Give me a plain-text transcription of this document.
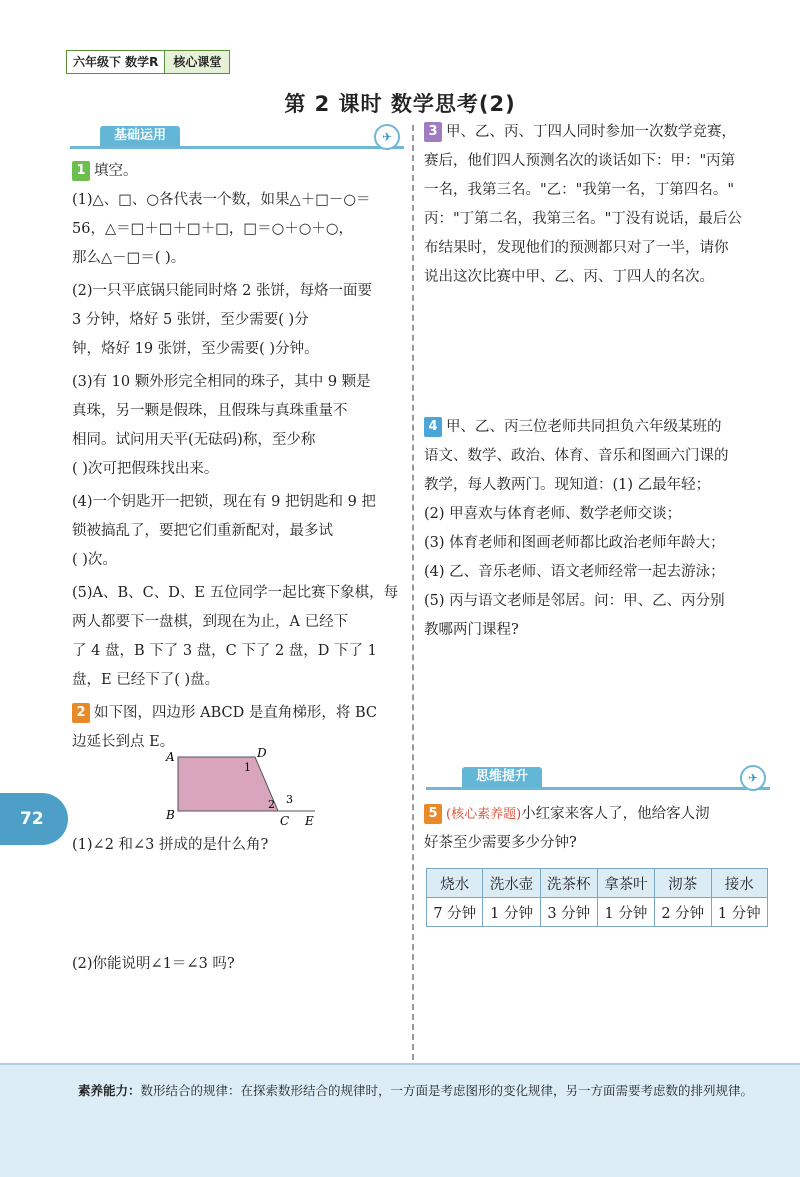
六年级下 数学R	核心课堂
第 2 课时 数学思考(2)
基础运用	✈
1 填空。
(1)△、□、○各代表一个数，如果△＋□－○＝
56，△＝□＋□＋□＋□，□＝○＋○＋○，
那么△－□＝( )。
(2)一只平底锅只能同时烙 2 张饼，每烙一面要
3 分钟，烙好 5 张饼，至少需要( )分
钟，烙好 19 张饼，至少需要( )分钟。
(3)有 10 颗外形完全相同的珠子，其中 9 颗是
真珠，另一颗是假珠，且假珠与真珠重量不
相同。试问用天平(无砝码)称，至少称
( )次可把假珠找出来。
(4)一个钥匙开一把锁，现在有 9 把钥匙和 9 把
锁被搞乱了，要把它们重新配对，最多试
( )次。
(5)A、B、C、D、E 五位同学一起比赛下象棋，每
两人都要下一盘棋，到现在为止，A 已经下
了 4 盘，B 下了 3 盘，C 下了 2 盘，D 下了 1
盘，E 已经下了( )盘。
2 如下图，四边形 ABCD 是直角梯形，将 BC
边延长到点 E。
A	D
B	C E
1
2 3
(1)∠2 和∠3 拼成的是什么角?
(2)你能说明∠1＝∠3 吗?
3 甲、乙、丙、丁四人同时参加一次数学竞赛，
赛后，他们四人预测名次的谈话如下：甲："丙第
一名，我第三名。"乙："我第一名，丁第四名。"
丙："丁第二名，我第三名。"丁没有说话，最后公
布结果时，发现他们的预测都只对了一半，请你
说出这次比赛中甲、乙、丙、丁四人的名次。
4 甲、乙、丙三位老师共同担负六年级某班的
语文、数学、政治、体育、音乐和图画六门课的
教学，每人教两门。现知道：(1) 乙最年轻；
(2) 甲喜欢与体育老师、数学老师交谈；
(3) 体育老师和图画老师都比政治老师年龄大；
(4) 乙、音乐老师、语文老师经常一起去游泳；
(5) 丙与语文老师是邻居。问：甲、乙、丙分别
教哪两门课程?
思维提升	✈
5 (核心素养题)小红家来客人了，他给客人沏
好茶至少需要多少分钟?
烧水	洗水壶	洗茶杯	拿茶叶	沏茶	接水
7 分钟	1 分钟	3 分钟	1 分钟	2 分钟	1 分钟
72
素养能力：数形结合的规律：在探索数形结合的规律时，一方面是考虑图形的变化规律，另一方面需要考虑数的排列规律。
